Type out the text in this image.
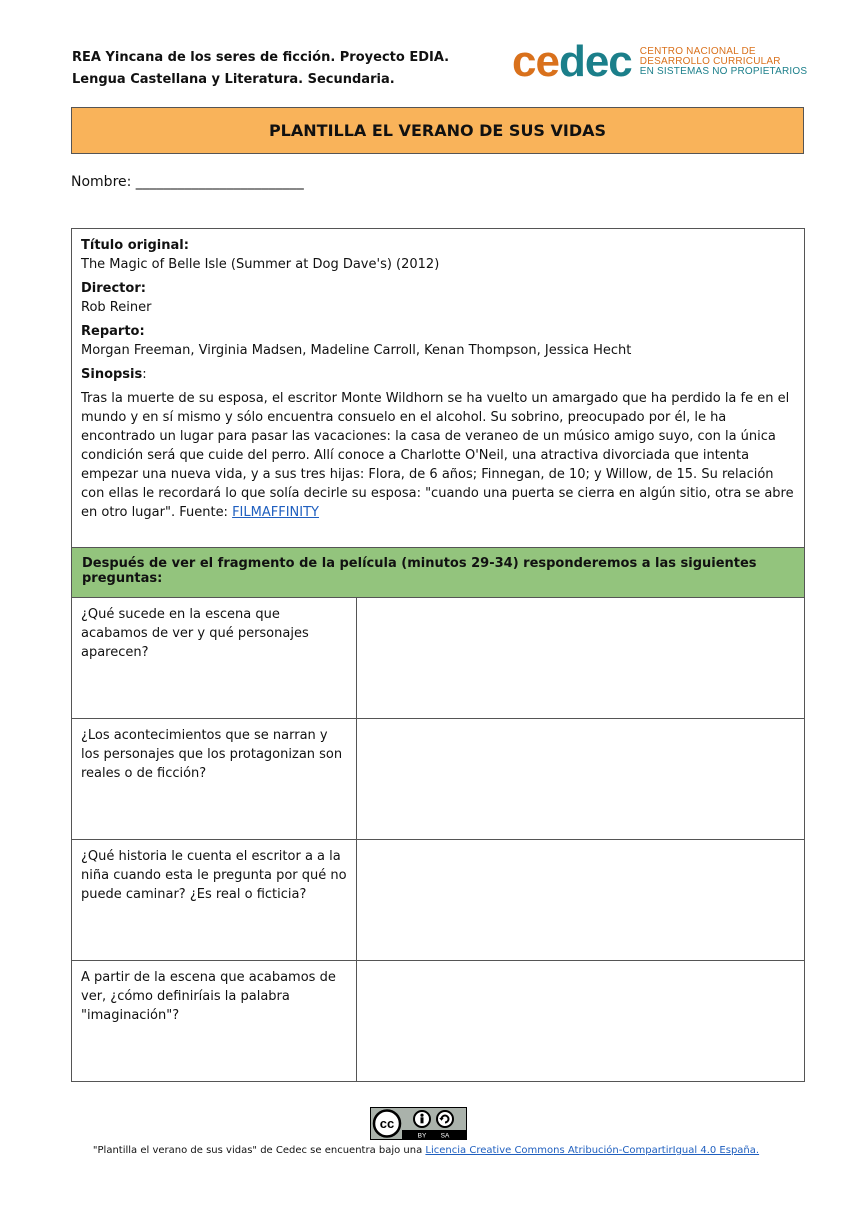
REA Yincana de los seres de ficción. Proyecto EDIA.
Lengua Castellana y Literatura. Secundaria.	cedec CENTRO NACIONAL DE
DESARROLLO CURRICULAR
EN SISTEMAS NO PROPIETARIOS
PLANTILLA EL VERANO DE SUS VIDAS
Nombre: ________________________

Título original:

The Magic of Belle Isle (Summer at Dog Dave's) (2012)

Director:

Rob Reiner

Reparto:

Morgan Freeman, Virginia Madsen, Madeline Carroll, Kenan Thompson, Jessica Hecht

Sinopsis:

Tras la muerte de su esposa, el escritor Monte Wildhorn se ha vuelto un amargado que ha perdido la fe en el mundo y en sí mismo y sólo encuentra consuelo en el alcohol. Su sobrino, preocupado por él, le ha encontrado un lugar para pasar las vacaciones: la casa de veraneo de un músico amigo suyo, con la única condición será que cuide del perro. Allí conoce a Charlotte O'Neil, una atractiva divorciada que intenta empezar una nueva vida, y a sus tres hijas: Flora, de 6 años; Finnegan, de 10; y Willow, de 15. Su relación con ellas le recordará lo que solía decirle su esposa: "cuando una puerta se cierra en algún sitio, otra se abre en otro lugar". Fuente: FILMAFFINITY

Después de ver el fragmento de la película (minutos 29-34) responderemos a las siguientes preguntas:
¿Qué sucede en la escena que acabamos de ver y qué personajes aparecen?	
¿Los acontecimientos que se narran y los personajes que los protagonizan son reales o de ficción?	
¿Qué historia le cuenta el escritor a a la niña cuando esta le pregunta por qué no puede caminar? ¿Es real o ficticia?	
A partir de la escena que acabamos de ver, ¿cómo definiríais la palabra "imaginación"?	
cc
BY SA
"Plantilla el verano de sus vidas" de Cedec se encuentra bajo una Licencia Creative Commons Atribución-CompartirIgual 4.0 España.
